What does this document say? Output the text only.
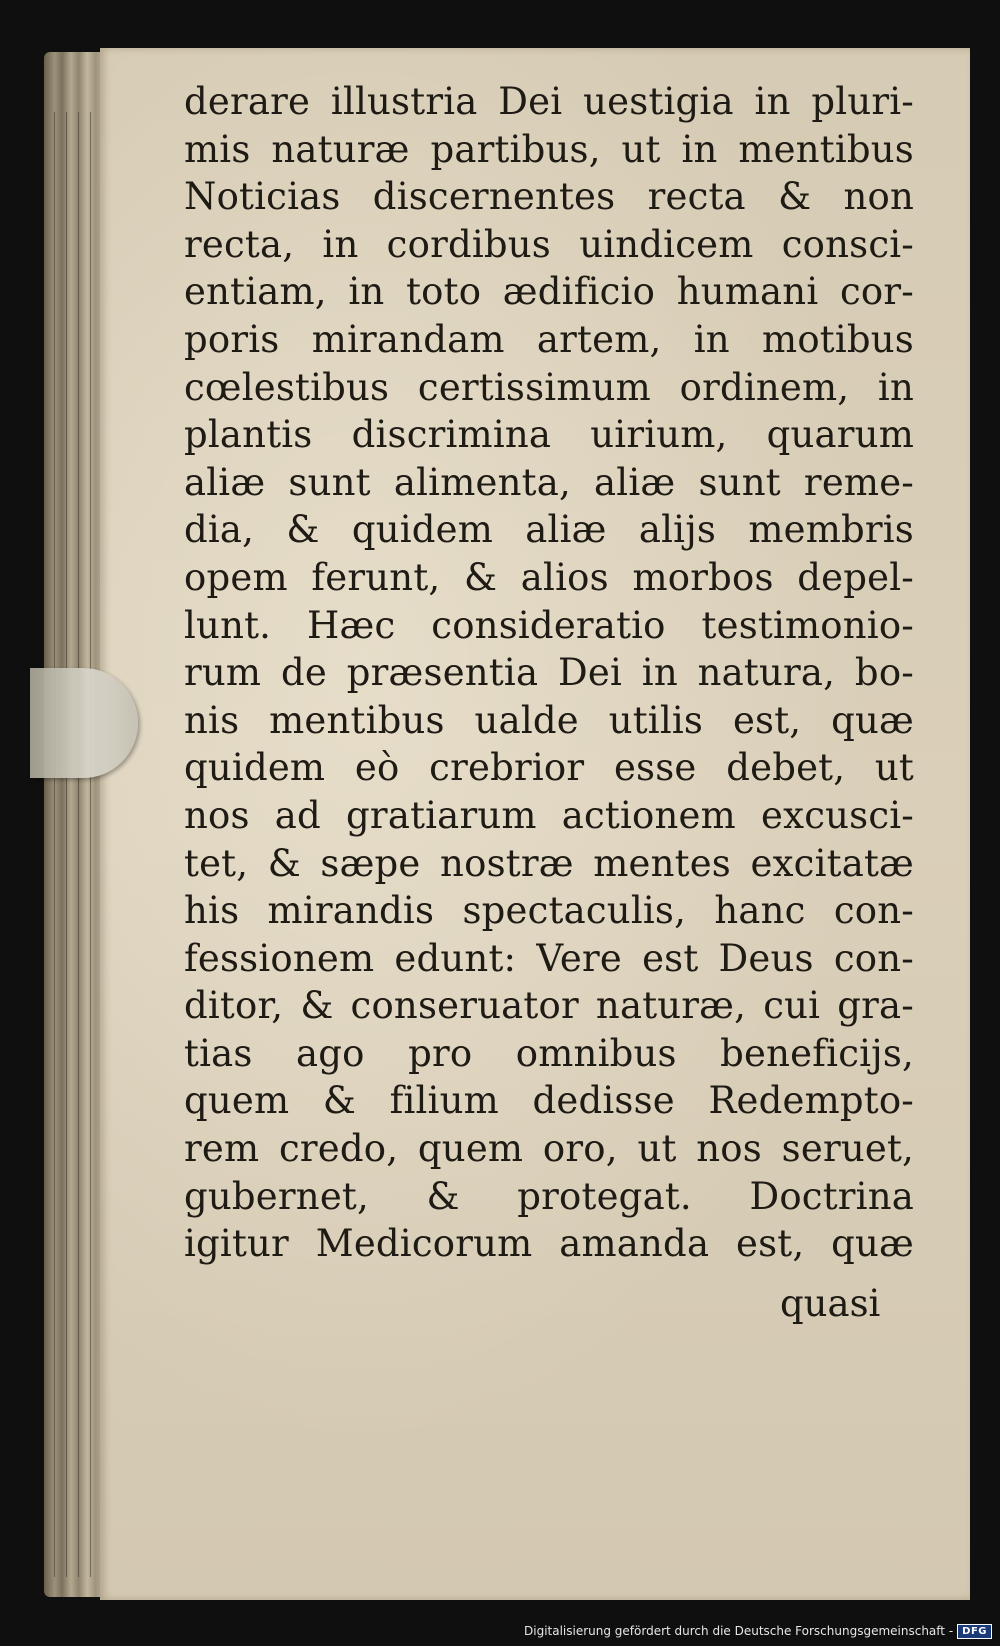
derare illustria Dei uestigia in pluri-
mis naturæ partibus, ut in mentibus
Noticias discernentes recta & non
recta, in cordibus uindicem consci-
entiam, in toto ædificio humani cor-
poris mirandam artem, in motibus
cœlestibus certissimum ordinem, in
plantis discrimina uirium, quarum
aliæ sunt alimenta, aliæ sunt reme-
dia, & quidem aliæ alijs membris
opem ferunt, & alios morbos depel-
lunt. Hæc consideratio testimonio-
rum de præsentia Dei in natura, bo-
nis mentibus ualde utilis est, quæ
quidem eò crebrior esse debet, ut
nos ad gratiarum actionem excusci-
tet, & sæpe nostræ mentes excitatæ
his mirandis spectaculis, hanc con-
fessionem edunt: Vere est Deus con-
ditor, & conseruator naturæ, cui gra-
tias ago pro omnibus beneficijs,
quem & filium dedisse Redempto-
rem credo, quem oro, ut nos seruet,
gubernet, & protegat. Doctrina
igitur Medicorum amanda est, quæ
quasi
Digitalisierung gefördert durch die Deutsche Forschungsgemeinschaft - DFG
